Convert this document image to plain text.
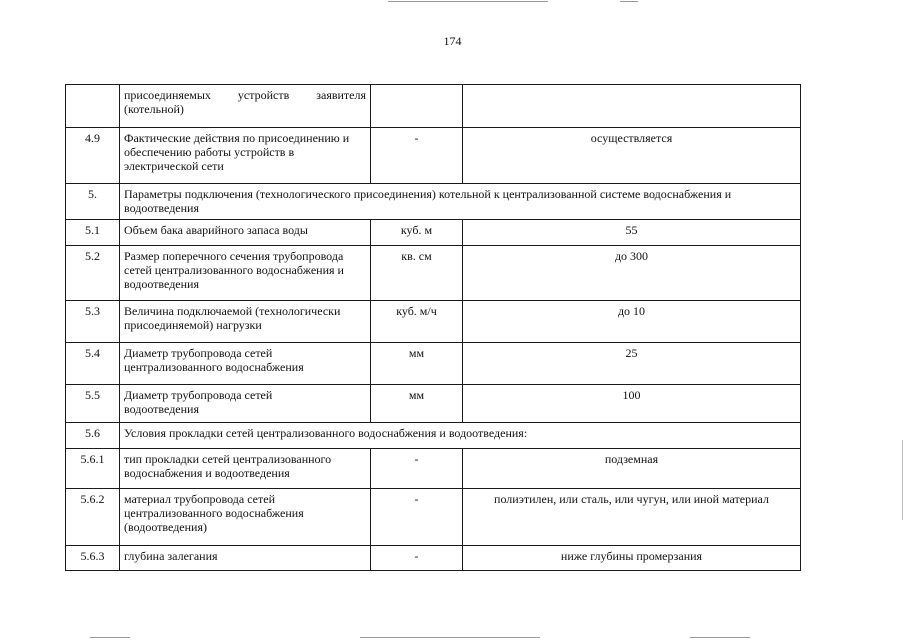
174

	присоединяемых устройств заявителя
(котельной)		

4.9	Фактические действия по присоединению и
обеспечению работы устройств в
электрической сети	-	осуществляется
5.	Параметры подключения (технологического присоединения) котельной к централизованной системе водоснабжения и
водоотведения		

5.1	Объем бака аварийного запаса воды	куб. м	55
5.2	Размер поперечного сечения трубопровода
сетей централизованного водоснабжения и
водоотведения	кв. см	до 300
5.3	Величина подключаемой (технологически
присоединяемой) нагрузки	куб. м/ч	до 10
5.4	Диаметр трубопровода сетей
централизованного водоснабжения	мм	25
5.5	Диаметр трубопровода сетей
водоотведения	мм	100
5.6	Условия прокладки сетей централизованного водоснабжения и водоотведения:		

5.6.1	тип прокладки сетей централизованного
водоснабжения и водоотведения	-	подземная
5.6.2	материал трубопровода сетей
централизованного водоснабжения
(водоотведения)	-	полиэтилен, или сталь, или чугун, или иной материал
5.6.3	глубина залегания	-	ниже глубины промерзания
